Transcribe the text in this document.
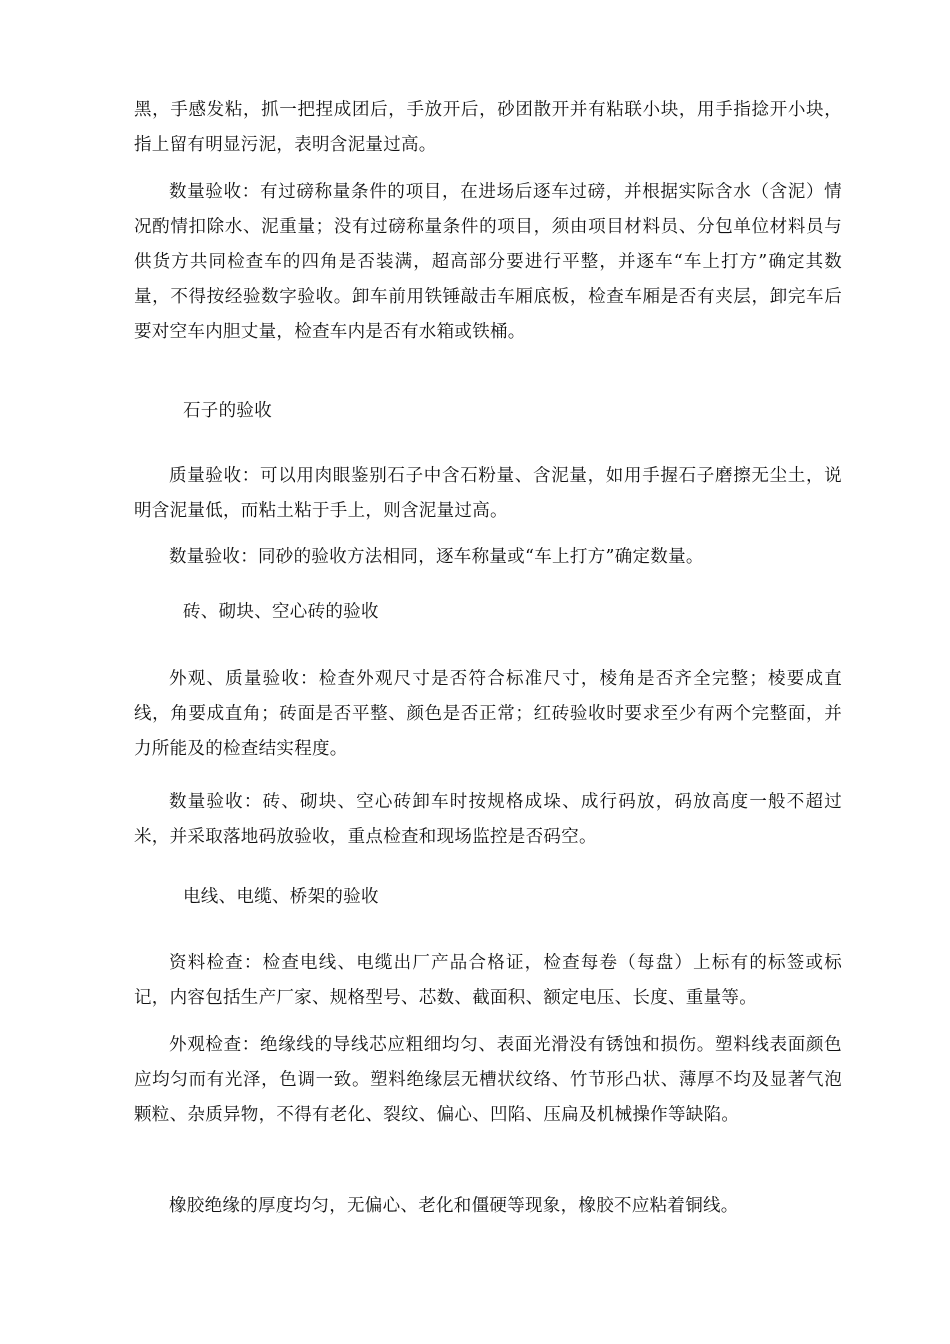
黑，手感发粘，抓一把捏成团后，手放开后，砂团散开并有粘联小块，用手指捻开小块，指上留有明显污泥，表明含泥量过高。

数量验收：有过磅称量条件的项目，在进场后逐车过磅，并根据实际含水（含泥）情况酌情扣除水、泥重量；没有过磅称量条件的项目，须由项目材料员、分包单位材料员与供货方共同检查车的四角是否装满，超高部分要进行平整，并逐车“车上打方”确定其数量，不得按经验数字验收。卸车前用铁锤敲击车厢底板，检查车厢是否有夹层，卸完车后要对空车内胆丈量，检查车内是否有水箱或铁桶。

石子的验收

质量验收：可以用肉眼鉴别石子中含石粉量、含泥量，如用手握石子磨擦无尘土，说明含泥量低，而粘土粘于手上，则含泥量过高。

数量验收：同砂的验收方法相同，逐车称量或“车上打方”确定数量。

砖、砌块、空心砖的验收

外观、质量验收：检查外观尺寸是否符合标准尺寸，棱角是否齐全完整；棱要成直线，角要成直角；砖面是否平整、颜色是否正常；红砖验收时要求至少有两个完整面，并力所能及的检查结实程度。

数量验收：砖、砌块、空心砖卸车时按规格成垛、成行码放，码放高度一般不超过米，并采取落地码放验收，重点检查和现场监控是否码空。

电线、电缆、桥架的验收

资料检查：检查电线、电缆出厂产品合格证，检查每卷（每盘）上标有的标签或标记，内容包括生产厂家、规格型号、芯数、截面积、额定电压、长度、重量等。

外观检查：绝缘线的导线芯应粗细均匀、表面光滑没有锈蚀和损伤。塑料线表面颜色应均匀而有光泽，色调一致。塑料绝缘层无槽状纹络、竹节形凸状、薄厚不均及显著气泡颗粒、杂质异物，不得有老化、裂纹、偏心、凹陷、压扁及机械操作等缺陷。

橡胶绝缘的厚度均匀，无偏心、老化和僵硬等现象，橡胶不应粘着铜线。
